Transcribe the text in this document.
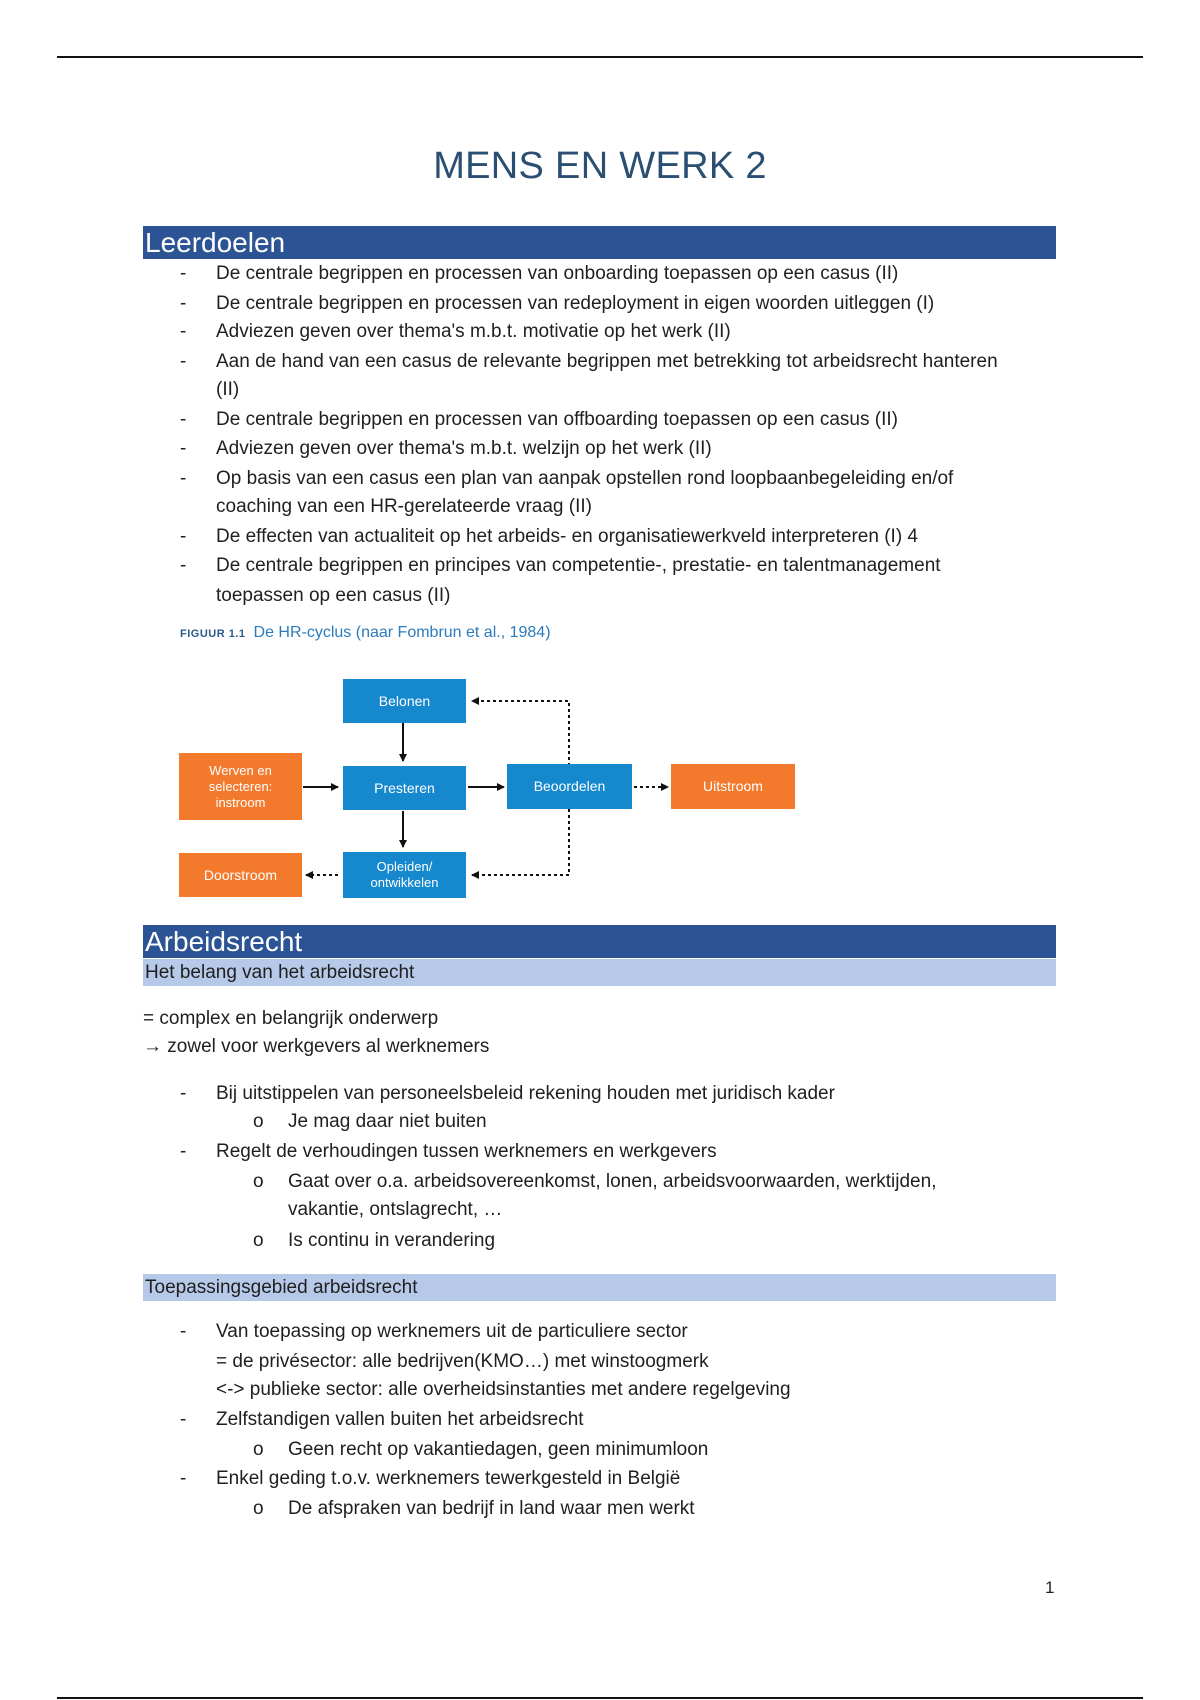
MENS EN WERK 2
Leerdoelen
- De centrale begrippen en processen van onboarding toepassen op een casus (II)
- De centrale begrippen en processen van redeployment in eigen woorden uitleggen (I)
- Adviezen geven over thema's m.b.t. motivatie op het werk (II)
- Aan de hand van een casus de relevante begrippen met betrekking tot arbeidsrecht hanteren
(II)
- De centrale begrippen en processen van offboarding toepassen op een casus (II)
- Adviezen geven over thema's m.b.t. welzijn op het werk (II)
- Op basis van een casus een plan van aanpak opstellen rond loopbaanbegeleiding en/of
coaching van een HR-gerelateerde vraag (II)
- De effecten van actualiteit op het arbeids- en organisatiewerkveld interpreteren (I) 4
- De centrale begrippen en principes van competentie-, prestatie- en talentmanagement
toepassen op een casus (II)
FIGUUR 1.1 De HR-cyclus (naar Fombrun et al., 1984)
Belonen
Werven en
selecteren:
instroom
Presteren	Beoordelen	Uitstroom
Doorstroom	Opleiden/
ontwikkelen
Arbeidsrecht
Het belang van het arbeidsrecht
= complex en belangrijk onderwerp
→ zowel voor werkgevers al werknemers
- Bij uitstippelen van personeelsbeleid rekening houden met juridisch kader
o Je mag daar niet buiten
- Regelt de verhoudingen tussen werknemers en werkgevers
o Gaat over o.a. arbeidsovereenkomst, lonen, arbeidsvoorwaarden, werktijden,
vakantie, ontslagrecht, …
o Is continu in verandering
Toepassingsgebied arbeidsrecht
- Van toepassing op werknemers uit de particuliere sector
= de privésector: alle bedrijven(KMO…) met winstoogmerk
<-> publieke sector: alle overheidsinstanties met andere regelgeving
- Zelfstandigen vallen buiten het arbeidsrecht
o Geen recht op vakantiedagen, geen minimumloon
- Enkel geding t.o.v. werknemers tewerkgesteld in België
o De afspraken van bedrijf in land waar men werkt
1
